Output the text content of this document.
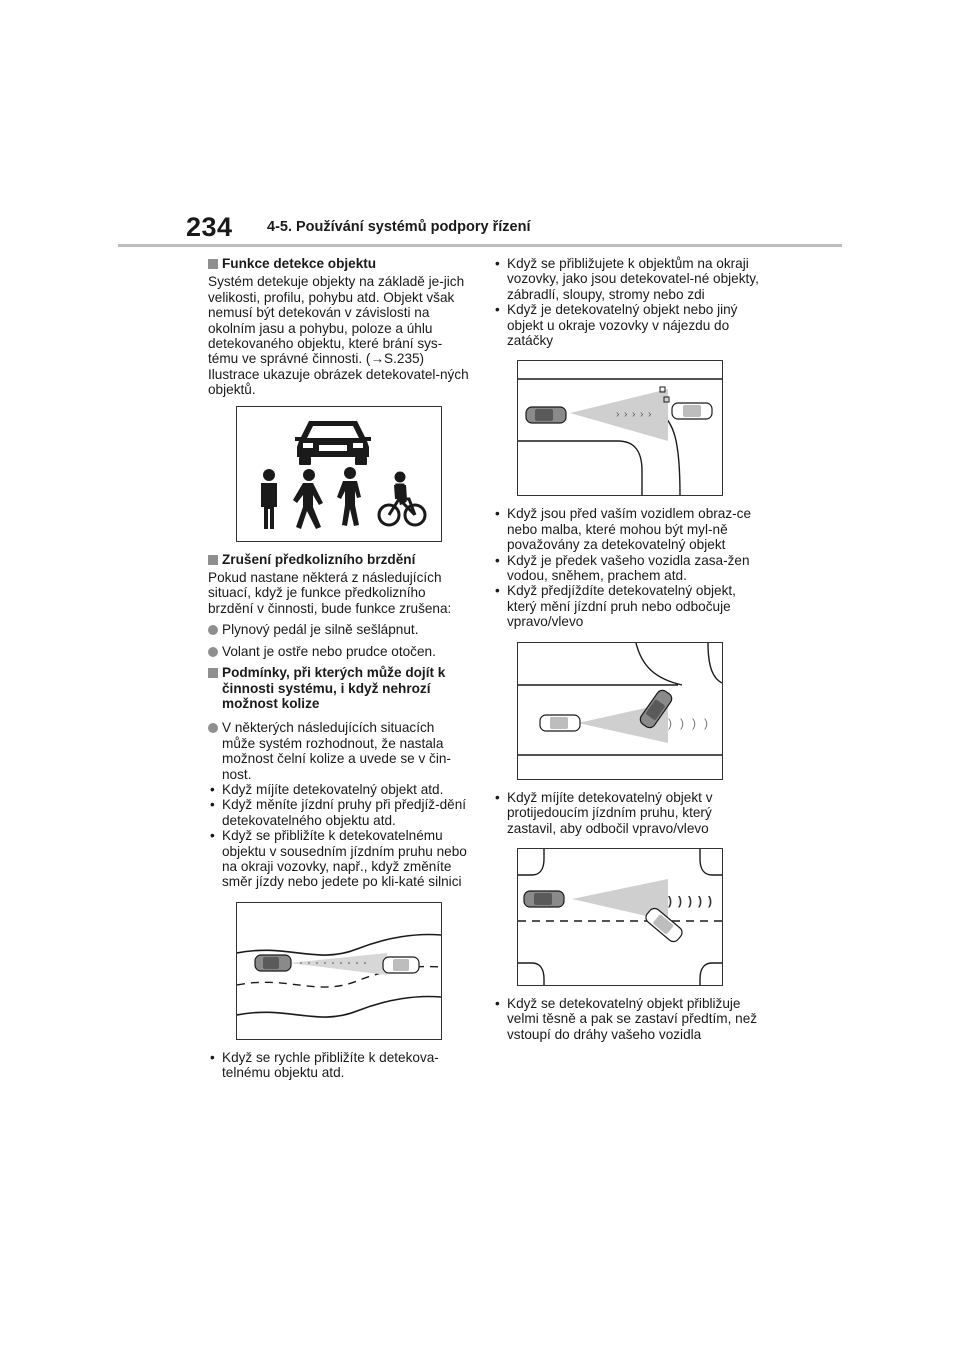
234 4-5. Používání systémů podpory řízení
Funkce detekce objektu

Systém detekuje objekty na základě je-jich velikosti, profilu, pohybu atd. Objekt však nemusí být detekován v závislosti na okolním jasu a pohybu, poloze a úhlu detekovaného objektu, které brání sys-tému ve správné činnosti. (→S.235) Ilustrace ukazuje obrázek detekovatel-ných objektů.

Zrušení předkolizního brzdění

Pokud nastane některá z následujících situací, když je funkce předkolizního brzdění v činnosti, bude funkce zrušena:

Plynový pedál je silně sešlápnut.

Volant je ostře nebo prudce otočen.

Podmínky, při kterých může dojít k činnosti systému, i když nehrozí možnost kolize

V některých následujících situacích může systém rozhodnout, že nastala možnost čelní kolize a uvede se v čin-nost.

• Když míjíte detekovatelný objekt atd.

• Když měníte jízdní pruhy při předjíž-dění detekovatelného objektu atd.

• Když se přibližíte k detekovatelnému objektu v sousedním jízdním pruhu nebo na okraji vozovky, např., když změníte směr jízdy nebo jedete po kli-katé silnici

• Když se rychle přibližíte k detekova-telnému objektu atd.

• Když se přibližujete k objektům na okraji vozovky, jako jsou detekovatel-né objekty, zábradlí, sloupy, stromy nebo zdi

• Když je detekovatelný objekt nebo jiný objekt u okraje vozovky v nájezdu do zatáčky

› › › › ›

• Když jsou před vaším vozidlem obraz-ce nebo malba, které mohou být myl-ně považovány za detekovatelný objekt

• Když je předek vašeho vozidla zasa-žen vodou, sněhem, prachem atd.

• Když předjíždíte detekovatelný objekt, který mění jízdní pruh nebo odbočuje vpravo/vlevo

) ) ) )

• Když míjíte detekovatelný objekt v protijedoucím jízdním pruhu, který zastavil, aby odbočil vpravo/vlevo

) ) ) ) )

• Když se detekovatelný objekt přibližuje velmi těsně a pak se zastaví předtím, než vstoupí do dráhy vašeho vozidla
